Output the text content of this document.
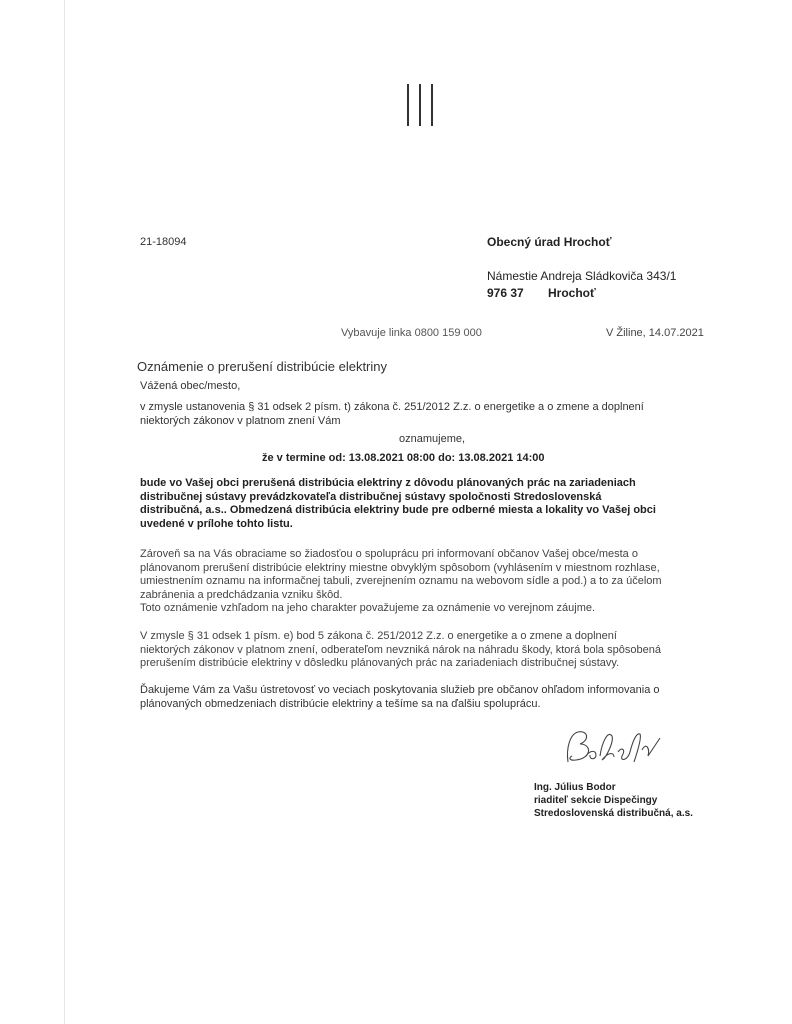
21-18094	Obecný úrad Hrochoť
Námestie Andreja Sládkoviča 343/1
976 37 Hrochoť
Vybavuje linka 0800 159 000	V Žiline, 14.07.2021
Oznámenie o prerušení distribúcie elektriny
Vážená obec/mesto,

v zmysle ustanovenia § 31 odsek 2 písm. t) zákona č. 251/2012 Z.z. o energetike a o zmene a doplnení

niektorých zákonov v platnom znení Vám

oznamujeme,
že v termine od: 13.08.2021 08:00 do: 13.08.2021 14:00

bude vo Vašej obci prerušená distribúcia elektriny z dôvodu plánovaných prác na zariadeniach

distribučnej sústavy prevádzkovateľa distribučnej sústavy spoločnosti Stredoslovenská

distribučná, a.s.. Obmedzená distribúcia elektriny bude pre odberné miesta a lokality vo Vašej obci

uvedené v prílohe tohto listu.

Zároveň sa na Vás obraciame so žiadosťou o spoluprácu pri informovaní občanov Vašej obce/mesta o

plánovanom prerušení distribúcie elektriny miestne obvyklým spôsobom (vyhlásením v miestnom rozhlase,

umiestnením oznamu na informačnej tabuli, zverejnením oznamu na webovom sídle a pod.) a to za účelom

zabránenia a predchádzania vzniku škôd.

Toto oznámenie vzhľadom na jeho charakter považujeme za oznámenie vo verejnom záujme.

V zmysle § 31 odsek 1 písm. e) bod 5 zákona č. 251/2012 Z.z. o energetike a o zmene a doplnení

niektorých zákonov v platnom znení, odberateľom nevzniká nárok na náhradu škody, ktorá bola spôsobená

prerušením distribúcie elektriny v dôsledku plánovaných prác na zariadeniach distribučnej sústavy.

Ďakujeme Vám za Vašu ústretovosť vo veciach poskytovania služieb pre občanov ohľadom informovania o

plánovaných obmedzeniach distribúcie elektriny a tešíme sa na ďalšiu spoluprácu.

Ing. Július Bodor
riaditeľ sekcie Dispečingy
Stredoslovenská distribučná, a.s.
